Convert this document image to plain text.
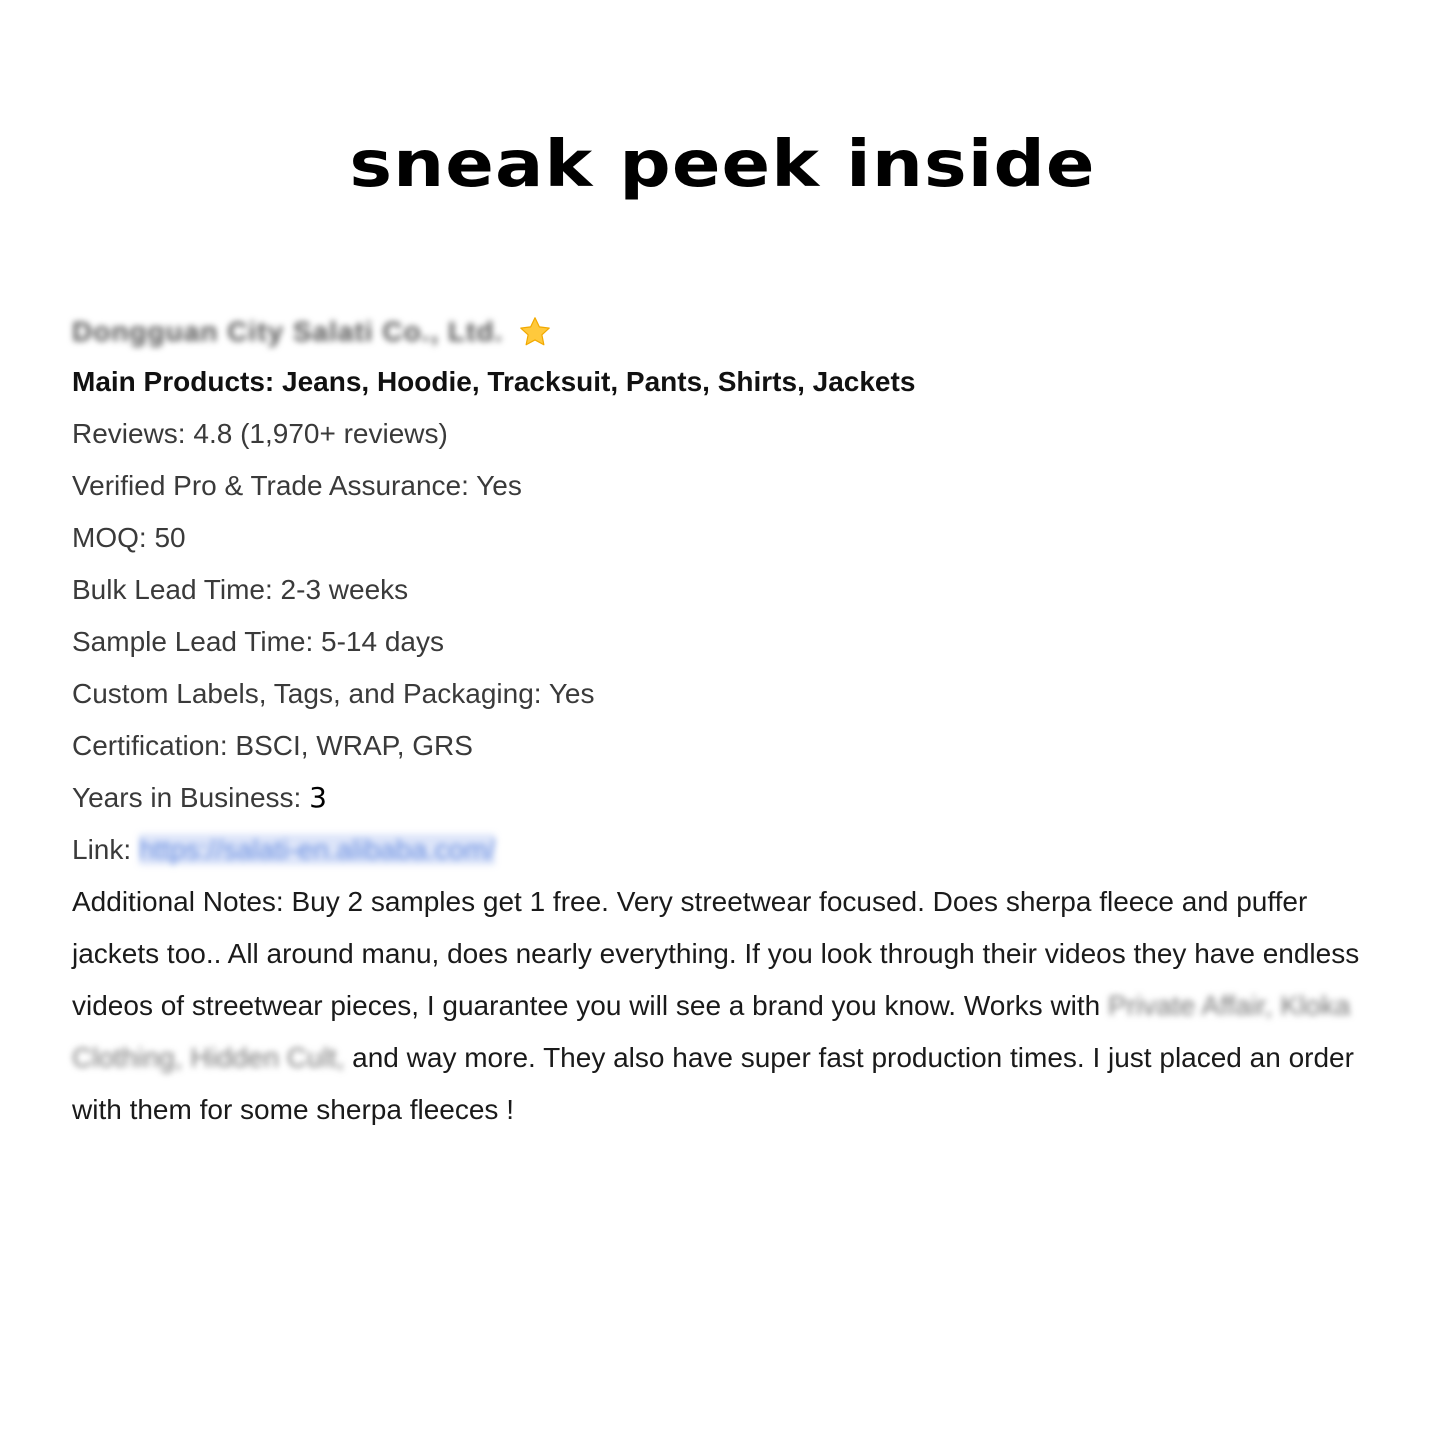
sneak peek inside
Dongguan City Salati Co., Ltd.
Main Products: Jeans, Hoodie, Tracksuit, Pants, Shirts, Jackets
Reviews: 4.8 (1,970+ reviews)
Verified Pro & Trade Assurance: Yes
MOQ: 50
Bulk Lead Time: 2-3 weeks
Sample Lead Time: 5-14 days
Custom Labels, Tags, and Packaging: Yes
Certification: BSCI, WRAP, GRS
Years in Business: 3
Link: https://salati-en.alibaba.com/
Additional Notes: Buy 2 samples get 1 free. Very streetwear focused. Does sherpa fleece and puffer jackets too.. All around manu, does nearly everything. If you look through their videos they have endless videos of streetwear pieces, I guarantee you will see a brand you know. Works with Private Affair, Kloka Clothing, Hidden Cult, and way more. They also have super fast production times. I just placed an order with them for some sherpa fleeces !
